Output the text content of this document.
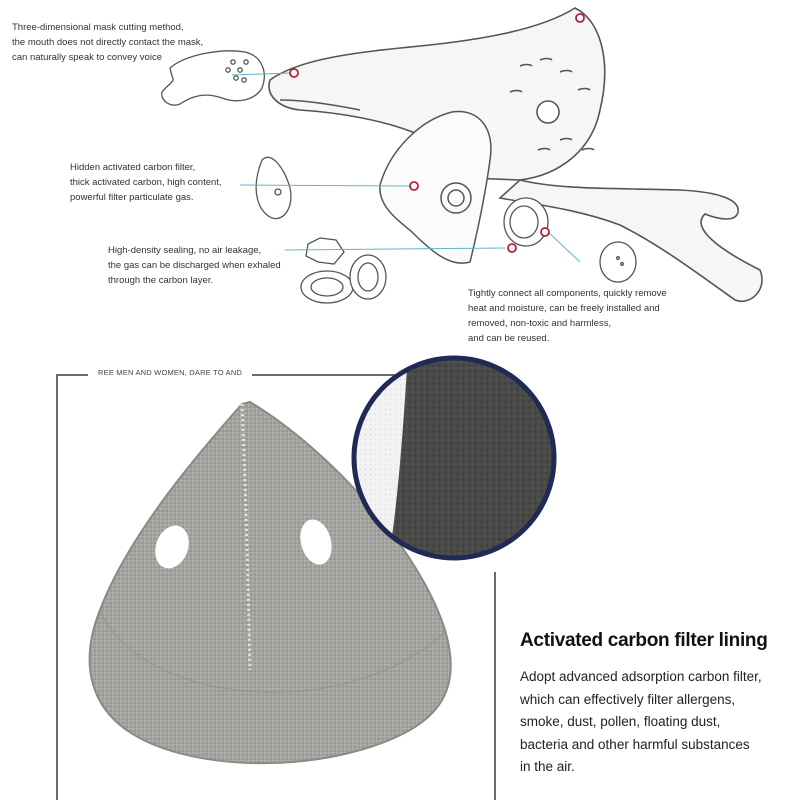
Three-dimensional mask cutting method,
the mouth does not directly contact the mask,
can naturally speak to convey voice
Hidden activated carbon filter,
thick activated carbon, high content,
powerful filter particulate gas.
High-density sealing, no air leakage,
the gas can be discharged when exhaled
through the carbon layer.
Tightly connect all components, quickly remove
heat and moisture, can be freely installed and
removed, non-toxic and harmless,
and can be reused.
REE MEN AND WOMEN, DARE TO AND
Activated carbon filter lining
Adopt advanced adsorption carbon filter,
which can effectively filter allergens,
smoke, dust, pollen, floating dust,
bacteria and other harmful substances
in the air.
